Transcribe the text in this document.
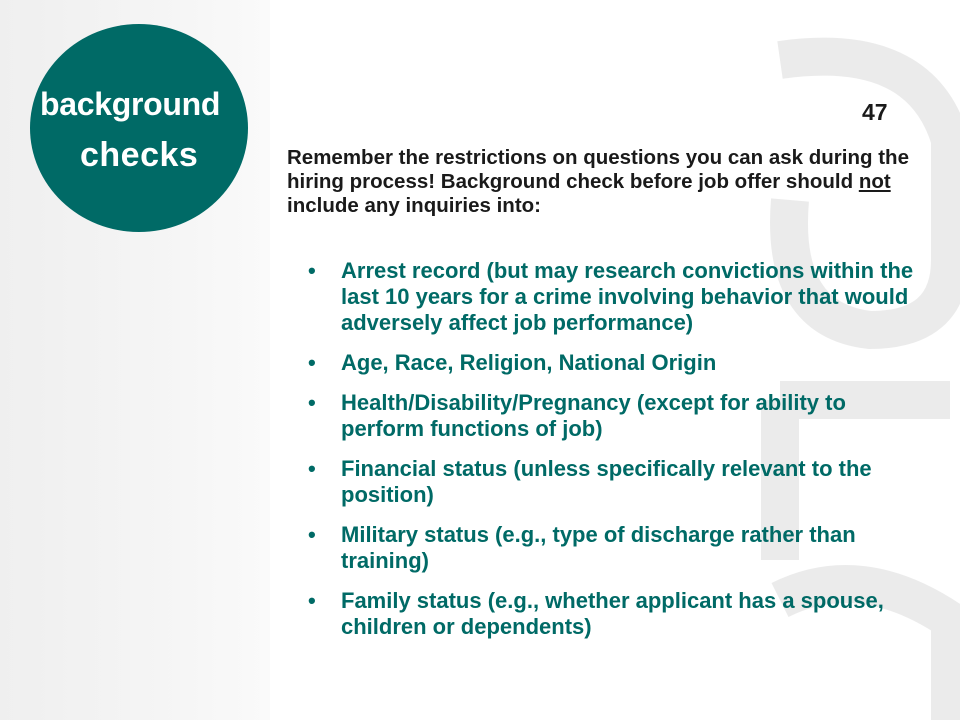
background
checks
47
Remember the restrictions on questions you can ask during the hiring process! Background check before job offer should not include any inquiries into:
• Arrest record (but may research convictions within the last 10 years for a crime involving behavior that would adversely affect job performance)
• Age, Race, Religion, National Origin
• Health/Disability/Pregnancy (except for ability to perform functions of job)
• Financial status (unless specifically relevant to the position)
• Military status (e.g., type of discharge rather than training)
• Family status (e.g., whether applicant has a spouse, children or dependents)
